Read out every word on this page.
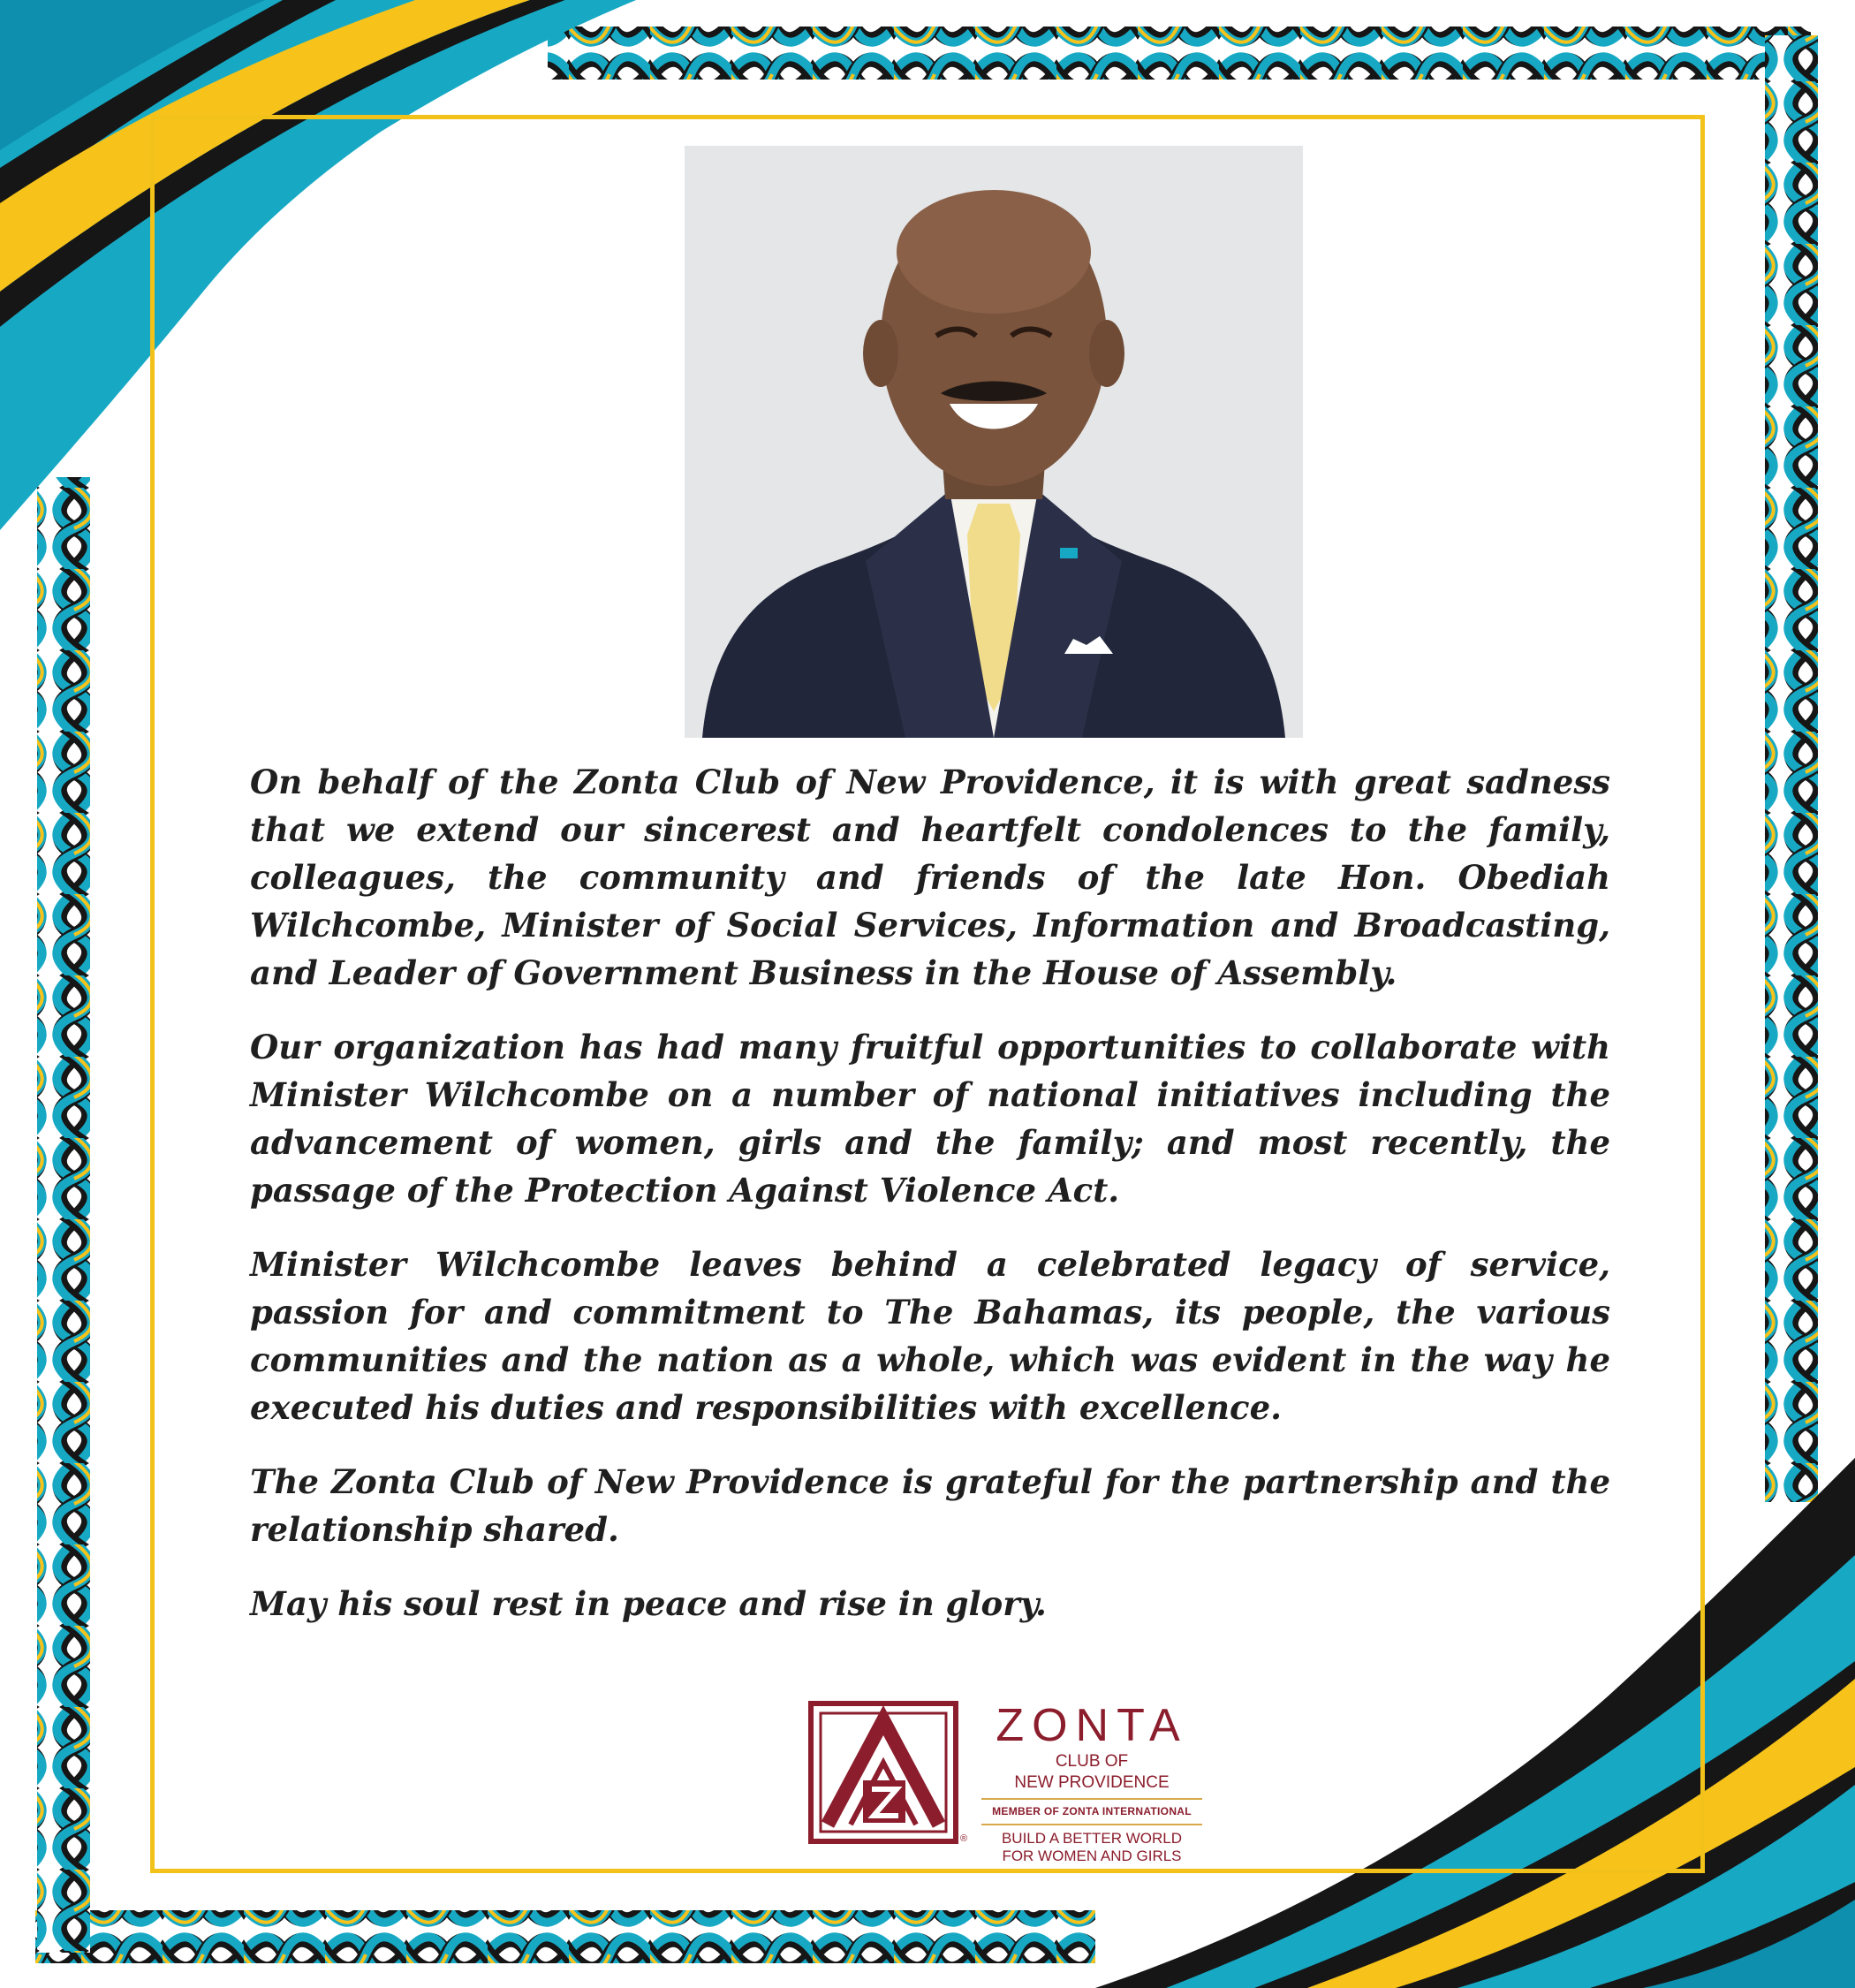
On behalf of the Zonta Club of New Providence, it is with great sadness that we extend our sincerest and heartfelt condolences to the family, colleagues, the community and friends of the late Hon. Obediah Wilchcombe, Minister of Social Services, Information and Broadcasting, and Leader of Government Business in the House of Assembly.

Our organization has had many fruitful opportunities to collaborate with Minister Wilchcombe on a number of national initiatives including the advancement of women, girls and the family; and most recently, the passage of the Protection Against Violence Act.

Minister Wilchcombe leaves behind a celebrated legacy of service, passion for and commitment to The Bahamas, its people, the various communities and the nation as a whole, which was evident in the way he executed his duties and responsibilities with excellence.

The Zonta Club of New Providence is grateful for the partnership and the relationship shared.

May his soul rest in peace and rise in glory.

®
ZONTA
CLUB OF
NEW PROVIDENCE
MEMBER OF ZONTA INTERNATIONAL
BUILD A BETTER WORLD
FOR WOMEN AND GIRLS
